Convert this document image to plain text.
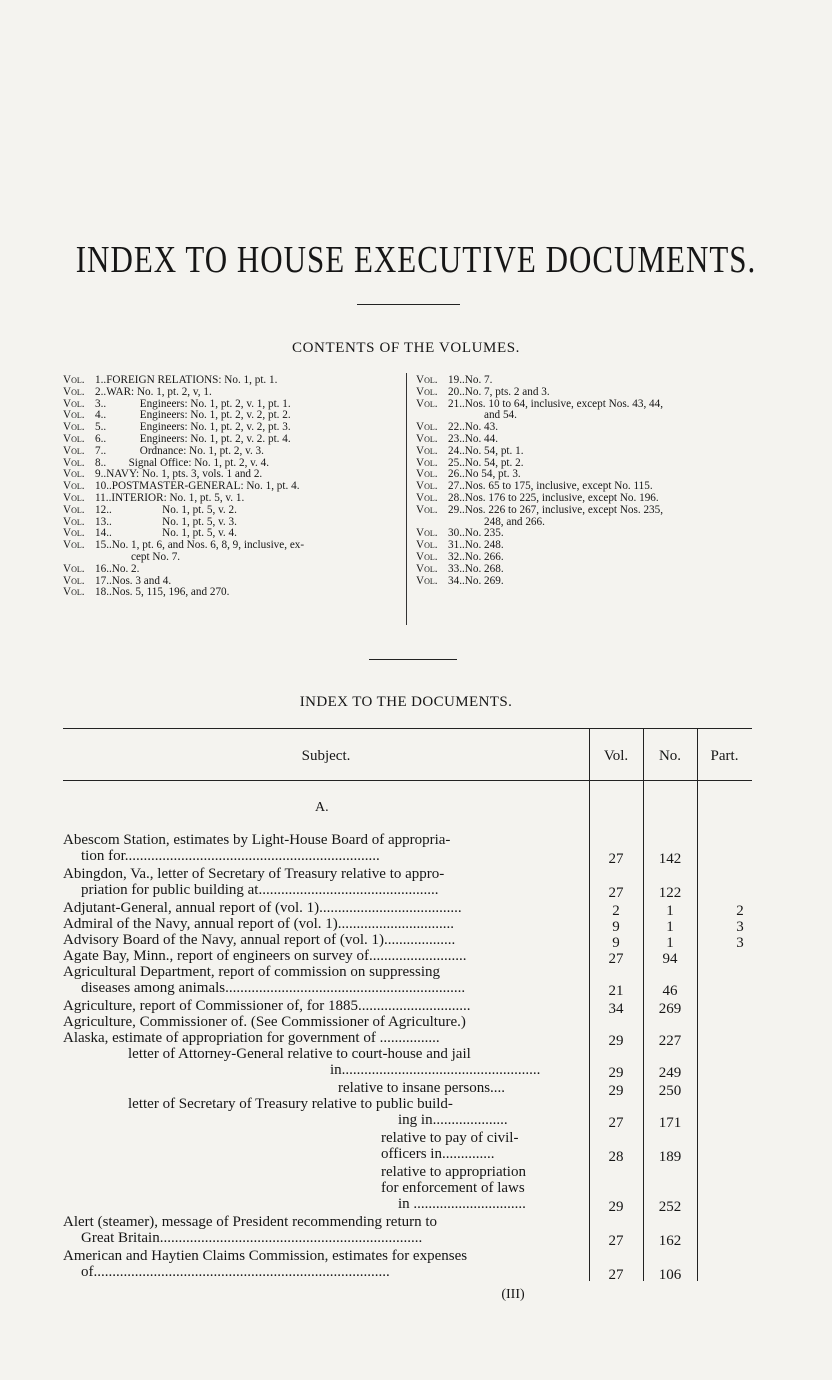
INDEX TO HOUSE EXECUTIVE DOCUMENTS.
CONTENTS OF THE VOLUMES.
Vol. 1..FOREIGN RELATIONS: No. 1, pt. 1.
Vol. 2..WAR: No. 1, pt. 2, v, 1.
Vol. 3..            Engineers: No. 1, pt. 2, v. 1, pt. 1.
Vol. 4..            Engineers: No. 1, pt. 2, v. 2, pt. 2.
Vol. 5..            Engineers: No. 1, pt. 2, v. 2, pt. 3.
Vol. 6..            Engineers: No. 1, pt. 2, v. 2. pt. 4.
Vol. 7..            Ordnance: No. 1, pt. 2, v. 3.
Vol. 8..        Signal Office: No. 1, pt. 2, v. 4.
Vol. 9..NAVY: No. 1, pts. 3, vols. 1 and 2.
Vol. 10..POSTMASTER-GENERAL: No. 1, pt. 4.
Vol. 11..INTERIOR: No. 1, pt. 5, v. 1.
Vol. 12..                  No. 1, pt. 5, v. 2.
Vol. 13..                  No. 1, pt. 5, v. 3.
Vol. 14..                  No. 1, pt. 5, v. 4.
Vol. 15..No. 1, pt. 6, and Nos. 6, 8, 9, inclusive, ex-
cept No. 7.
Vol. 16..No. 2.
Vol. 17..Nos. 3 and 4.
Vol. 18..Nos. 5, 115, 196, and 270.
Vol. 19..No. 7.
Vol. 20..No. 7, pts. 2 and 3.
Vol. 21..Nos. 10 to 64, inclusive, except Nos. 43, 44,
and 54.
Vol. 22..No. 43.
Vol. 23..No. 44.
Vol. 24..No. 54, pt. 1.
Vol. 25..No. 54, pt. 2.
Vol. 26..No 54, pt. 3.
Vol. 27..Nos. 65 to 175, inclusive, except No. 115.
Vol. 28..Nos. 176 to 225, inclusive, except No. 196.
Vol. 29..Nos. 226 to 267, inclusive, except Nos. 235,
248, and 266.
Vol. 30..No. 235.
Vol. 31..No. 248.
Vol. 32..No. 266.
Vol. 33..No. 268.
Vol. 34..No. 269.
INDEX TO THE DOCUMENTS.
Subject.	Vol.	No.	Part.
A.
Abescom Station, estimates by Light-House Board of appropria-
tion for....................................................................	27	142
Abingdon, Va., letter of Secretary of Treasury relative to appro-
priation for public building at................................................	27	122
Adjutant-General, annual report of (vol. 1)......................................	2	1	2
Admiral of the Navy, annual report of (vol. 1)...............................	9	1	3
Advisory Board of the Navy, annual report of (vol. 1)...................	9	1	3
Agate Bay, Minn., report of engineers on survey of..........................	27	94
Agricultural Department, report of commission on suppressing
diseases among animals................................................................	21	46
Agriculture, report of Commissioner of, for 1885..............................	34	269
Agriculture, Commissioner of. (See Commissioner of Agriculture.)
Alaska, estimate of appropriation for government of ................	29	227
letter of Attorney-General relative to court-house and jail
in.....................................................	29	249
relative to insane persons....	29	250
letter of Secretary of Treasury relative to public build-
ing in....................	27	171
relative to pay of civil-
officers in..............	28	189
relative to appropriation
for enforcement of laws
in ..............................	29	252
Alert (steamer), message of President recommending return to
Great Britain......................................................................	27	162
American and Haytien Claims Commission, estimates for expenses
of...............................................................................	27	106
(III)
